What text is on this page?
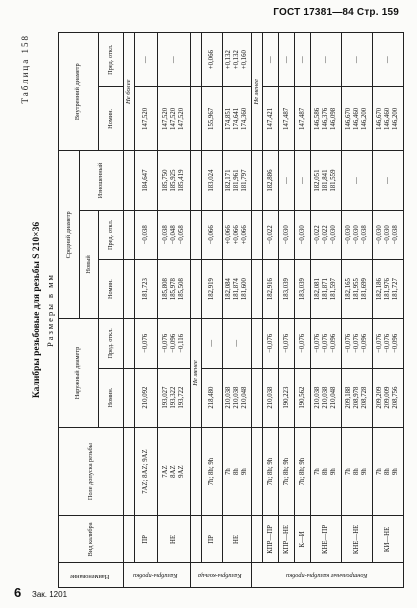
ГОСТ 17381—84 Стр. 159
Таблица 158
Калибры резьбовые для резьбы S 210×36 Размеры в мм
Наименование	Вид калибра	Поле допуска резьбы	Наружный диаметр		Средний диаметр			Внутренний диаметр	
					Новый		Изношенный		
			Номин.	Пред. откл.	Номин.	Пред. откл.		Номин.	Пред. откл.
Калибры-пробки								Не более	
	ПР	7AZ; 8AZ; 9AZ	210,092	−0,076	181,723	−0,038	184,647	147,520	—
	НЕ	7AZ
8AZ
9AZ	193,027
193,322
193,722	−0,076
−0,096
−0,116	185,808
185,978
185,508	−0,038
−0,048
−0,058	185,750
185,925
185,419	147,520
147,520
147,520	—
Калибры-кольца			Не менее						
	ПР	7h; 8h; 9h	218,480	—	182,919	−0,066	183,024	155,967	+0,066
	НЕ	7h
8h
9h	210,038
210,038
210,048	—	182,084
181,874
181,600	+0,066
+0,066
+0,066	182,171
181,961
181,797	174,851
174,641
174,360	+0,132
+0,132
+0,160
Контрольные калибры-пробки								Не менее	
	КПР—ПР	7h; 8h; 9h	210,038	−0,076	182,916	−0,022	182,886	147,421	—
	КПР—НЕ	7h; 8h; 9h	190,223	−0,076	183,039	−0,030	—	147,487	—
	К—И	7h; 8h; 9h	190,562	−0,076	183,039	−0,030	—	147,487	—
	КНЕ—ПР	7h
8h
9h	210,038
210,038
210,048	−0,076
−0,076
−0,096	182,081
181,871
181,597	−0,022
−0,022
−0,030	182,051
181,841
181,559	146,586
146,376
146,098	—
	КНЕ—НЕ	7h
8h
9h	209,188
208,978
208,728	−0,076
−0,076
−0,096	182,165
181,955
181,699	−0,030
−0,030
−0,038	—	146,670
146,460
146,200	—
	КИ—НЕ	7h
8h
9h	209,209
209,009
208,756	−0,076
−0,076
−0,096	182,186
181,976
181,727	−0,030
−0,030
−0,038	—	146,670
146,460
146,200	—
6 Зак. 1201
